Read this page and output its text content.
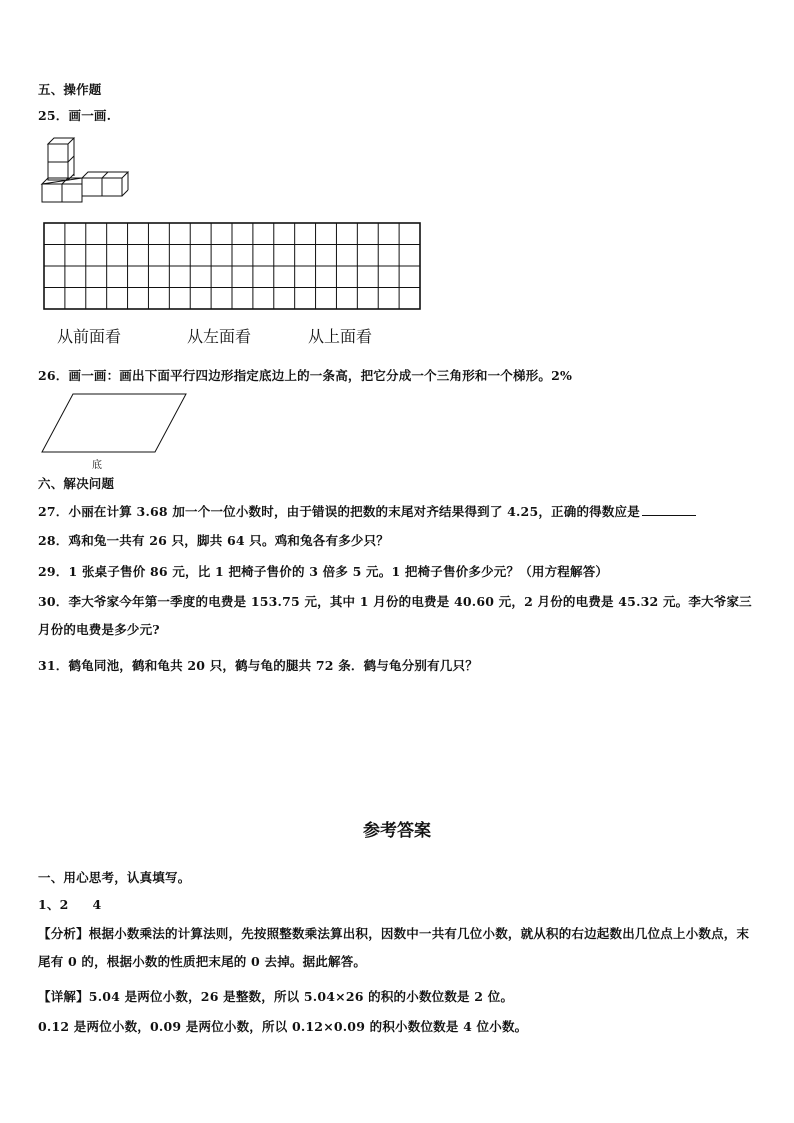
五、操作题
25．画一画.
从前面看	从左面看	从上面看
26．画一画：画出下面平行四边形指定底边上的一条高，把它分成一个三角形和一个梯形。2%
底
六、解决问题
27．小丽在计算 3.68 加一个一位小数时，由于错误的把数的末尾对齐结果得到了 4.25，正确的得数应是
28．鸡和兔一共有 26 只，脚共 64 只。鸡和兔各有多少只？
29．1 张桌子售价 86 元，比 1 把椅子售价的 3 倍多 5 元。1 把椅子售价多少元？（用方程解答）
30．李大爷家今年第一季度的电费是 153.75 元，其中 1 月份的电费是 40.60 元，2 月份的电费是 45.32 元。李大爷家三月份的电费是多少元?
31．鹤龟同池，鹤和龟共 20 只，鹤与龟的腿共 72 条．鹤与龟分别有几只？
参考答案
一、用心思考，认真填写。
1、2 4
【分析】根据小数乘法的计算法则，先按照整数乘法算出积，因数中一共有几位小数，就从积的右边起数出几位点上小数点，末尾有 0 的，根据小数的性质把末尾的 0 去掉。据此解答。
【详解】5.04 是两位小数，26 是整数，所以 5.04×26 的积的小数位数是 2 位。
0.12 是两位小数，0.09 是两位小数，所以 0.12×0.09 的积小数位数是 4 位小数。
